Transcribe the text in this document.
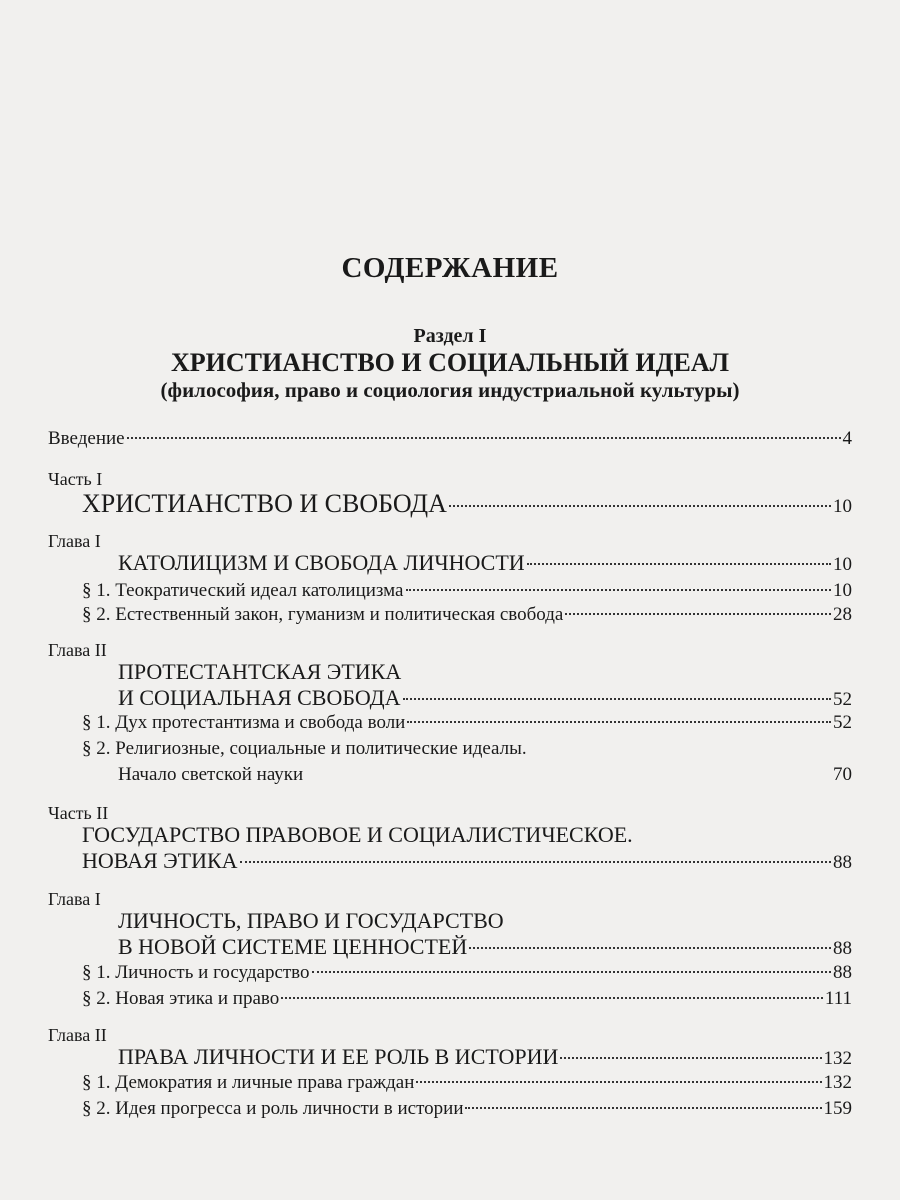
СОДЕРЖАНИЕ
Раздел I
ХРИСТИАНСТВО И СОЦИАЛЬНЫЙ ИДЕАЛ
(философия, право и социология индустриальной культуры)
Введение	4
Часть I
ХРИСТИАНСТВО И СВОБОДА	10
Глава I
КАТОЛИЦИЗМ И СВОБОДА ЛИЧНОСТИ	10
§ 1. Теократический идеал католицизма	10
§ 2. Естественный закон, гуманизм и политическая свобода	28
Глава II
ПРОТЕСТАНТСКАЯ ЭТИКА
И СОЦИАЛЬНАЯ СВОБОДА	52
§ 1. Дух протестантизма и свобода воли	52
§ 2. Религиозные, социальные и политические идеалы.
Начало светской науки	70
Часть II
ГОСУДАРСТВО ПРАВОВОЕ И СОЦИАЛИСТИЧЕСКОЕ.
НОВАЯ ЭТИКА	88
Глава I
ЛИЧНОСТЬ, ПРАВО И ГОСУДАРСТВО
В НОВОЙ СИСТЕМЕ ЦЕННОСТЕЙ	88
§ 1. Личность и государство	88
§ 2. Новая этика и право	111
Глава II
ПРАВА ЛИЧНОСТИ И ЕЕ РОЛЬ В ИСТОРИИ	132
§ 1. Демократия и личные права граждан	132
§ 2. Идея прогресса и роль личности в истории	159
